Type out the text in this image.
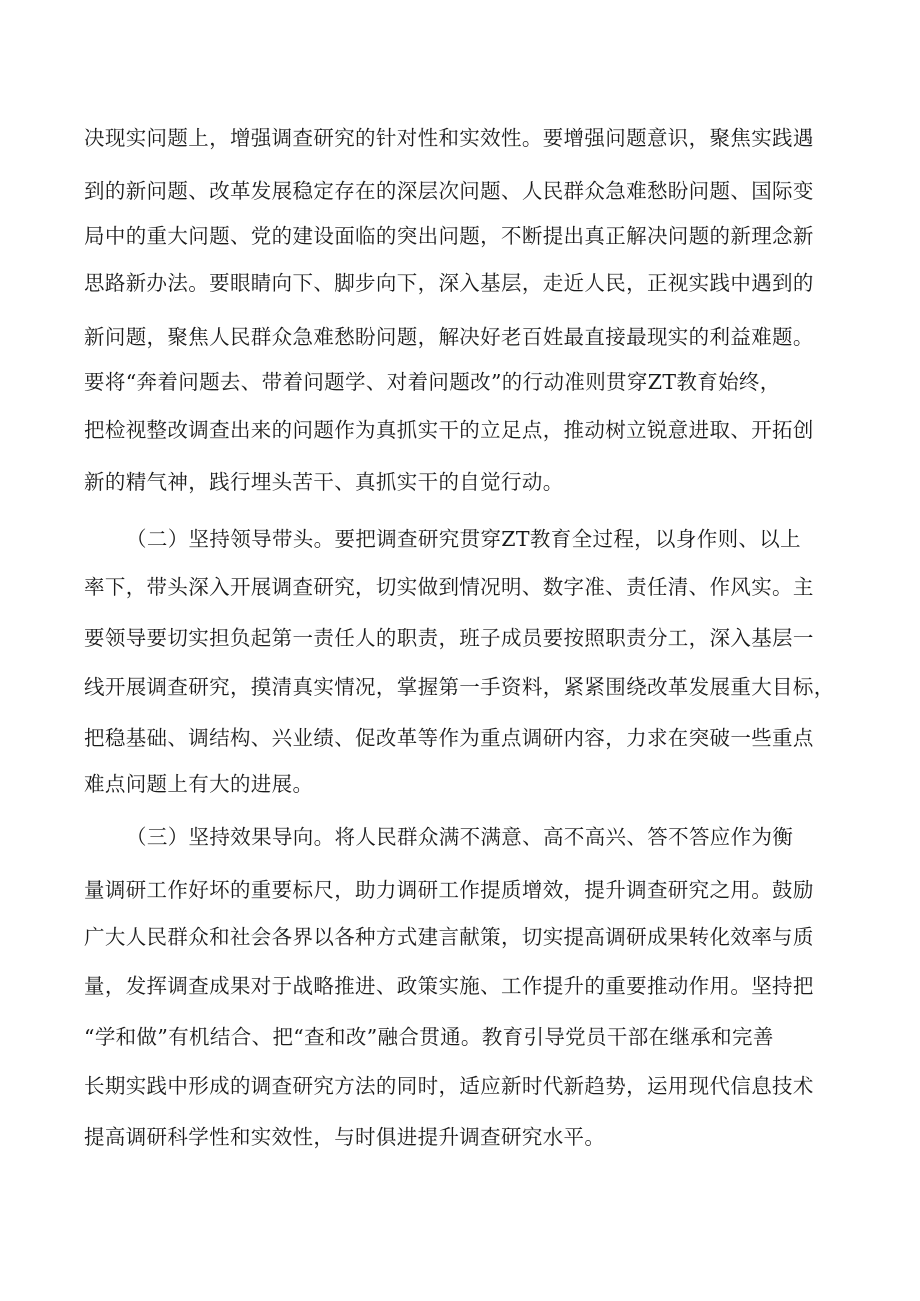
决现实问题上，增强调查研究的针对性和实效性。要增强问题意识，聚焦实践遇
到的新问题、改革发展稳定存在的深层次问题、人民群众急难愁盼问题、国际变
局中的重大问题、党的建设面临的突出问题，不断提出真正解决问题的新理念新
思路新办法。要眼睛向下、脚步向下，深入基层，走近人民，正视实践中遇到的
新问题，聚焦人民群众急难愁盼问题，解决好老百姓最直接最现实的利益难题。
要将“奔着问题去、带着问题学、对着问题改”的行动准则贯穿ZT教育始终，
把检视整改调查出来的问题作为真抓实干的立足点，推动树立锐意进取、开拓创
新的精气神，践行埋头苦干、真抓实干的自觉行动。
（二）坚持领导带头。要把调查研究贯穿ZT教育全过程，以身作则、以上
率下，带头深入开展调查研究，切实做到情况明、数字准、责任清、作风实。主
要领导要切实担负起第一责任人的职责，班子成员要按照职责分工，深入基层一
线开展调查研究，摸清真实情况，掌握第一手资料，紧紧围绕改革发展重大目标，
把稳基础、调结构、兴业绩、促改革等作为重点调研内容，力求在突破一些重点
难点问题上有大的进展。
（三）坚持效果导向。将人民群众满不满意、高不高兴、答不答应作为衡
量调研工作好坏的重要标尺，助力调研工作提质增效，提升调查研究之用。鼓励
广大人民群众和社会各界以各种方式建言献策，切实提高调研成果转化效率与质
量，发挥调查成果对于战略推进、政策实施、工作提升的重要推动作用。坚持把
“学和做”有机结合、把“查和改”融合贯通。教育引导党员干部在继承和完善
长期实践中形成的调查研究方法的同时，适应新时代新趋势，运用现代信息技术
提高调研科学性和实效性，与时俱进提升调查研究水平。
